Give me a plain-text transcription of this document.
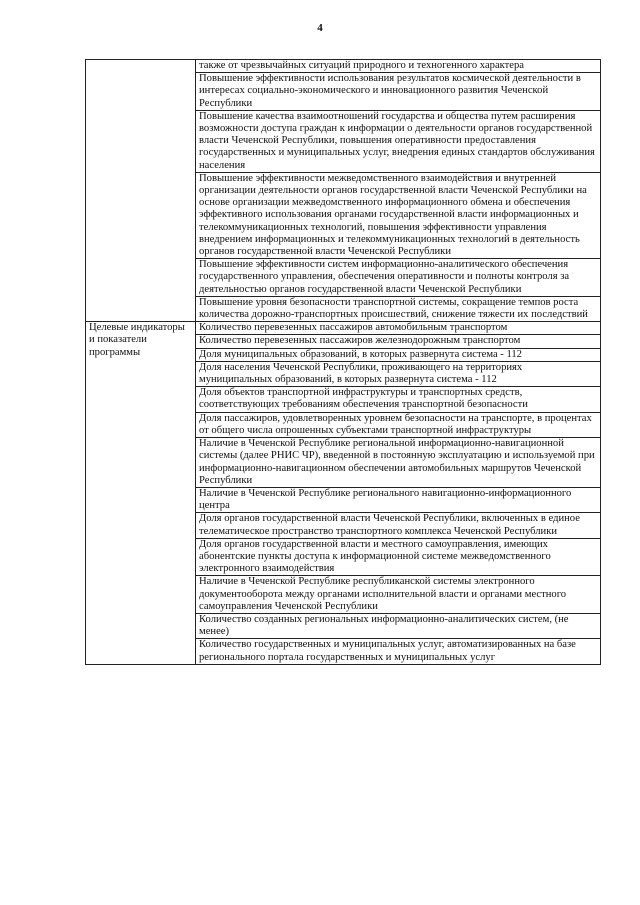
4
	также от чрезвычайных ситуаций природного и техногенного характера
	Повышение эффективности использования результатов космической деятельности в интересах социально-экономического и инновационного развития Чеченской Республики
	Повышение качества взаимоотношений государства и общества путем расширения возможности доступа граждан к информации о деятельности органов государственной власти Чеченской Республики, повышения оперативности предоставления государственных и муниципальных услуг, внедрения единых стандартов обслуживания населения
	Повышение эффективности межведомственного взаимодействия и внутренней организации деятельности органов государственной власти Чеченской Республики на основе организации межведомственного информационного обмена и обеспечения эффективного использования органами государственной власти информационных и телекоммуникационных технологий, повышения эффективности управления внедрением информационных и телекоммуникационных технологий в деятельность органов государственной власти Чеченской Республики
	Повышение эффективности систем информационно-аналитического обеспечения государственного управления, обеспечения оперативности и полноты контроля за деятельностью органов государственной власти Чеченской Республики
	Повышение уровня безопасности транспортной системы, сокращение темпов роста количества дорожно-транспортных происшествий, снижение тяжести их последствий
Целевые индикаторы и показатели программы	Количество перевезенных пассажиров автомобильным транспортом
	Количество перевезенных пассажиров железнодорожным транспортом
	Доля муниципальных образований, в которых развернута система - 112
	Доля населения Чеченской Республики, проживающего на территориях муниципальных образований, в которых развернута система - 112
	Доля объектов транспортной инфраструктуры и транспортных средств, соответствующих требованиям обеспечения транспортной безопасности
	Доля пассажиров, удовлетворенных уровнем безопасности на транспорте, в процентах от общего числа опрошенных субъектами транспортной инфраструктуры
	Наличие в Чеченской Республике региональной информационно-навигационной системы (далее РНИС ЧР), введенной в постоянную эксплуатацию и используемой при информационно-навигационном обеспечении автомобильных маршрутов Чеченской Республики
	Наличие в Чеченской Республике регионального навигационно-информационного центра
	Доля органов государственной власти Чеченской Республики, включенных в единое телематическое пространство транспортного комплекса Чеченской Республики
	Доля органов государственной власти и местного самоуправления, имеющих абонентские пункты доступа к информационной системе межведомственного электронного взаимодействия
	Наличие в Чеченской Республике республиканской системы электронного документооборота между органами исполнительной власти и органами местного самоуправления Чеченской Республики
	Количество созданных региональных информационно-аналитических систем, (не менее)
	Количество государственных и муниципальных услуг, автоматизированных на базе регионального портала государственных и муниципальных услуг
